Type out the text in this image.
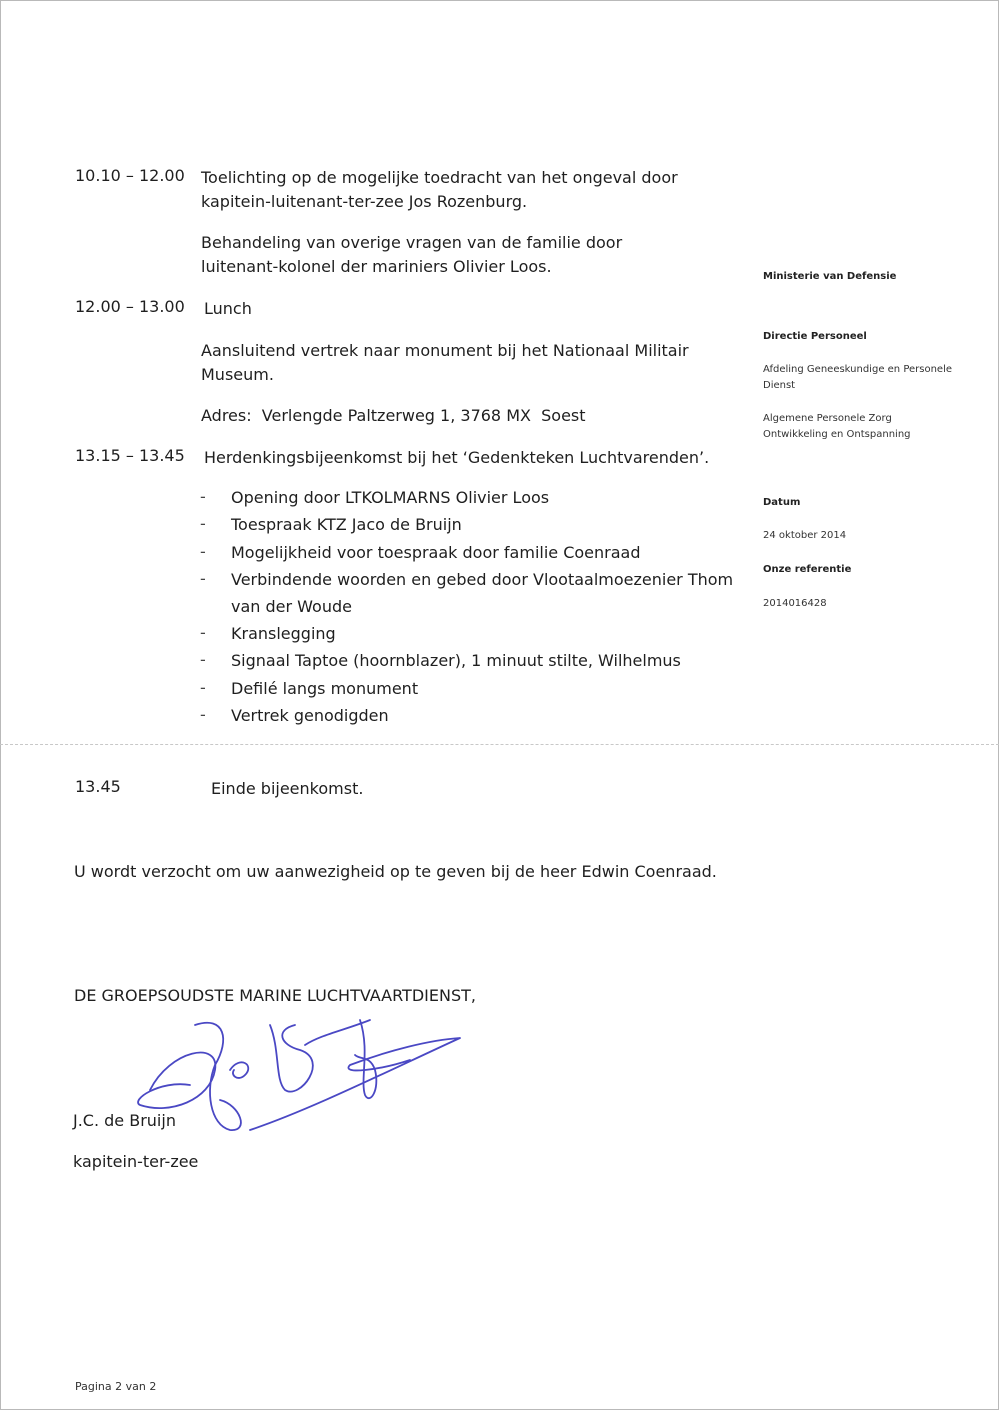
10.10 – 12.00 Toelichting op de mogelijke toedracht van het ongeval door kapitein-luitenant-ter-zee Jos Rozenburg.
Behandeling van overige vragen van de familie door luitenant-kolonel der mariniers Olivier Loos.
12.00 – 13.00 Lunch
Aansluitend vertrek naar monument bij het Nationaal Militair Museum.
Adres:  Verlengde Paltzerweg 1, 3768 MX  Soest
13.15 – 13.45 Herdenkingsbijeenkomst bij het ‘Gedenkteken Luchtvarenden’.
- Opening door LTKOLMARNS Olivier Loos
- Toespraak KTZ Jaco de Bruijn
- Mogelijkheid voor toespraak door familie Coenraad
- Verbindende woorden en gebed door Vlootaalmoezenier Thom van der Woude
- Kranslegging
- Signaal Taptoe (hoornblazer), 1 minuut stilte, Wilhelmus
- Defilé langs monument
- Vertrek genodigden
13.45	Einde bijeenkomst.
U wordt verzocht om uw aanwezigheid op te geven bij de heer Edwin Coenraad.
DE GROEPSOUDSTE MARINE LUCHTVAARTDIENST,
J.C. de Bruijn
kapitein-ter-zee
Ministerie van Defensie
Directie Personeel
Afdeling Geneeskundige en Personele Dienst
Algemene Personele Zorg Ontwikkeling en Ontspanning
Datum
24 oktober 2014
Onze referentie
2014016428
Pagina 2 van 2
